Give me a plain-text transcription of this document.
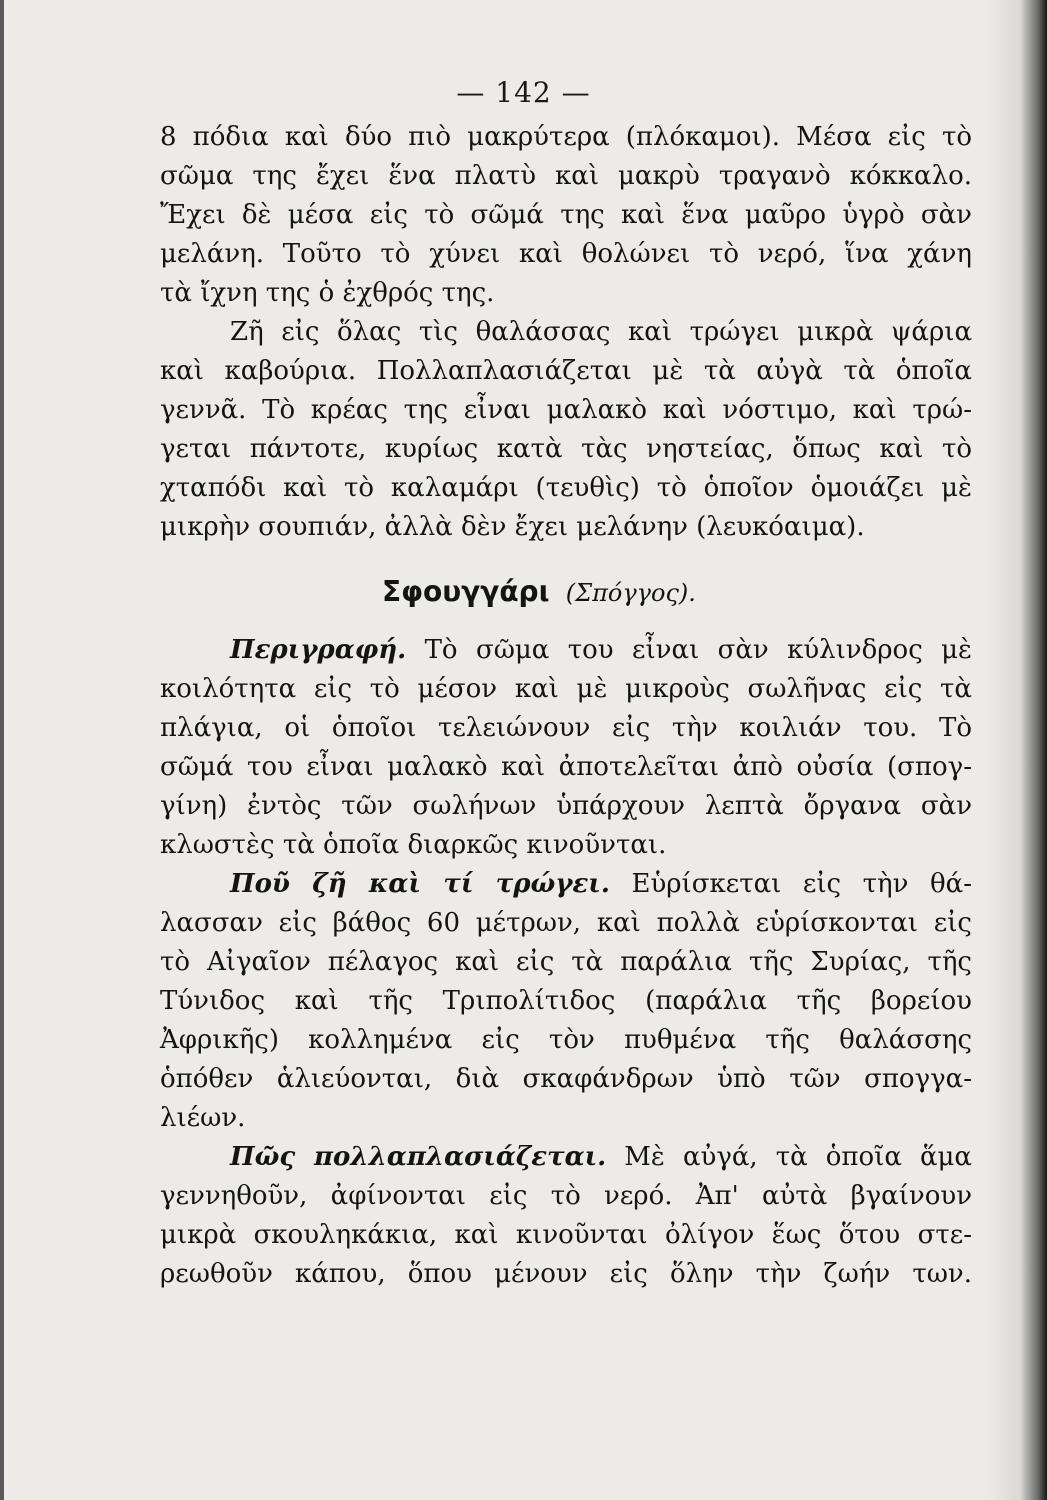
— 142 —
8 πόδια καὶ δύο πιὸ μακρύτερα (πλόκαμοι). Μέσα εἰς τὸ
σῶμα της ἔχει ἕνα πλατὺ καὶ μακρὺ τραγανὸ κόκκαλο.
Ἔχει δὲ μέσα εἰς τὸ σῶμά της καὶ ἕνα μαῦρο ὑγρὸ σὰν
μελάνη. Τοῦτο τὸ χύνει καὶ θολώνει τὸ νερό, ἵνα χάνη
τὰ ἴχνη της ὁ ἐχθρός της.
Ζῆ εἰς ὅλας τὶς θαλάσσας καὶ τρώγει μικρὰ ψάρια
καὶ καβούρια. Πολλαπλασιάζεται μὲ τὰ αὐγὰ τὰ ὁποῖα
γεννᾶ. Τὸ κρέας της εἶναι μαλακὸ καὶ νόστιμο, καὶ τρώ-
γεται πάντοτε, κυρίως κατὰ τὰς νηστείας, ὅπως καὶ τὸ
χταπόδι καὶ τὸ καλαμάρι (τευθὶς) τὸ ὁποῖον ὁμοιάζει μὲ
μικρὴν σουπιάν, ἀλλὰ δὲν ἔχει μελάνην (λευκόαιμα).
Σφουγγάρι (Σπόγγος).
Περιγραφή. Τὸ σῶμα του εἶναι σὰν κύλινδρος μὲ
κοιλότητα εἰς τὸ μέσον καὶ μὲ μικροὺς σωλῆνας εἰς τὰ
πλάγια, οἱ ὁποῖοι τελειώνουν εἰς τὴν κοιλιάν του. Τὸ
σῶμά του εἶναι μαλακὸ καὶ ἀποτελεῖται ἀπὸ οὐσία (σπογ-
γίνη) ἐντὸς τῶν σωλήνων ὑπάρχουν λεπτὰ ὄργανα σὰν
κλωστὲς τὰ ὁποῖα διαρκῶς κινοῦνται.
Ποῦ ζῆ καὶ τί τρώγει. Εὑρίσκεται εἰς τὴν θά-
λασσαν εἰς βάθος 60 μέτρων, καὶ πολλὰ εὑρίσκονται εἰς
τὸ Αἰγαῖον πέλαγος καὶ εἰς τὰ παράλια τῆς Συρίας, τῆς
Τύνιδος καὶ τῆς Τριπολίτιδος (παράλια τῆς βορείου
Ἀφρικῆς) κολλημένα εἰς τὸν πυθμένα τῆς θαλάσσης
ὁπόθεν ἁλιεύονται, διὰ σκαφάνδρων ὑπὸ τῶν σπογγα-
λιέων.
Πῶς πολλαπλασιάζεται. Μὲ αὐγά, τὰ ὁποῖα ἅμα
γεννηθοῦν, ἀφίνονται εἰς τὸ νερό. Ἀπ' αὐτὰ βγαίνουν
μικρὰ σκουληκάκια, καὶ κινοῦνται ὀλίγον ἕως ὅτου στε-
ρεωθοῦν κάπου, ὅπου μένουν εἰς ὅλην τὴν ζωήν των.
